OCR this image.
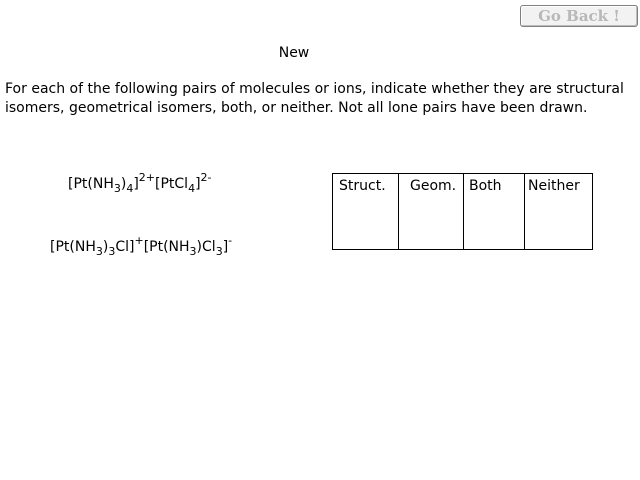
Go Back !
New

For each of the following pairs of molecules or ions, indicate whether they are structural isomers, geometrical isomers, both, or neither. Not all lone pairs have been drawn.

$[Pt(NH_3)_4]^{2+}[PtCl_4]^{2-}$
$[Pt(NH_3)_3Cl]^+[Pt(NH_3)Cl_3]^-$
Struct.	Geom.	Both	Neither
